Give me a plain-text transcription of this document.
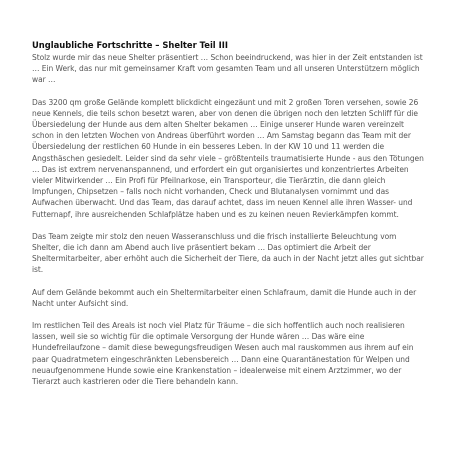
Unglaubliche Fortschritte – Shelter Teil III

Stolz wurde mir das neue Shelter präsentiert … Schon beeindruckend, was hier in der Zeit entstanden ist … Ein Werk, das nur mit gemeinsamer Kraft vom gesamten Team und all unseren Unterstützern möglich war …

Das 3200 qm große Gelände komplett blickdicht eingezäunt und mit 2 großen Toren versehen, sowie 26 neue Kennels, die teils schon besetzt waren, aber von denen die übrigen noch den letzten Schliff für die Übersiedelung der Hunde aus dem alten Shelter bekamen … Einige unserer Hunde waren vereinzelt schon in den letzten Wochen von Andreas überführt worden … Am Samstag begann das Team mit der Übersiedelung der restlichen 60 Hunde in ein besseres Leben. In der KW 10 und 11 werden die Angsthäschen gesiedelt. Leider sind da sehr viele – größtenteils traumatisierte Hunde - aus den Tötungen … Das ist extrem nervenanspannend, und erfordert ein gut organisiertes und konzentriertes Arbeiten vieler Mitwirkender … Ein Profi für Pfeilnarkose, ein Transporteur, die Tierärztin, die dann gleich Impfungen, Chipsetzen – falls noch nicht vorhanden, Check und Blutanalysen vornimmt und das Aufwachen überwacht. Und das Team, das darauf achtet, dass im neuen Kennel alle ihren Wasser- und Futternapf, ihre ausreichenden Schlafplätze haben und es zu keinen neuen Revierkämpfen kommt.

Das Team zeigte mir stolz den neuen Wasseranschluss und die frisch installierte Beleuchtung vom Shelter, die ich dann am Abend auch live präsentiert bekam … Das optimiert die Arbeit der Sheltermitarbeiter, aber erhöht auch die Sicherheit der Tiere, da auch in der Nacht jetzt alles gut sichtbar ist.

Auf dem Gelände bekommt auch ein Sheltermitarbeiter einen Schlafraum, damit die Hunde auch in der Nacht unter Aufsicht sind.

Im restlichen Teil des Areals ist noch viel Platz für Träume – die sich hoffentlich auch noch realisieren lassen, weil sie so wichtig für die optimale Versorgung der Hunde wären … Das wäre eine Hundefreilaufzone – damit diese bewegungsfreudigen Wesen auch mal rauskommen aus ihrem auf ein paar Quadratmetern eingeschränkten Lebensbereich … Dann eine Quarantänestation für Welpen und neuaufgenommene Hunde sowie eine Krankenstation – idealerweise mit einem Arztzimmer, wo der Tierarzt auch kastrieren oder die Tiere behandeln kann.
